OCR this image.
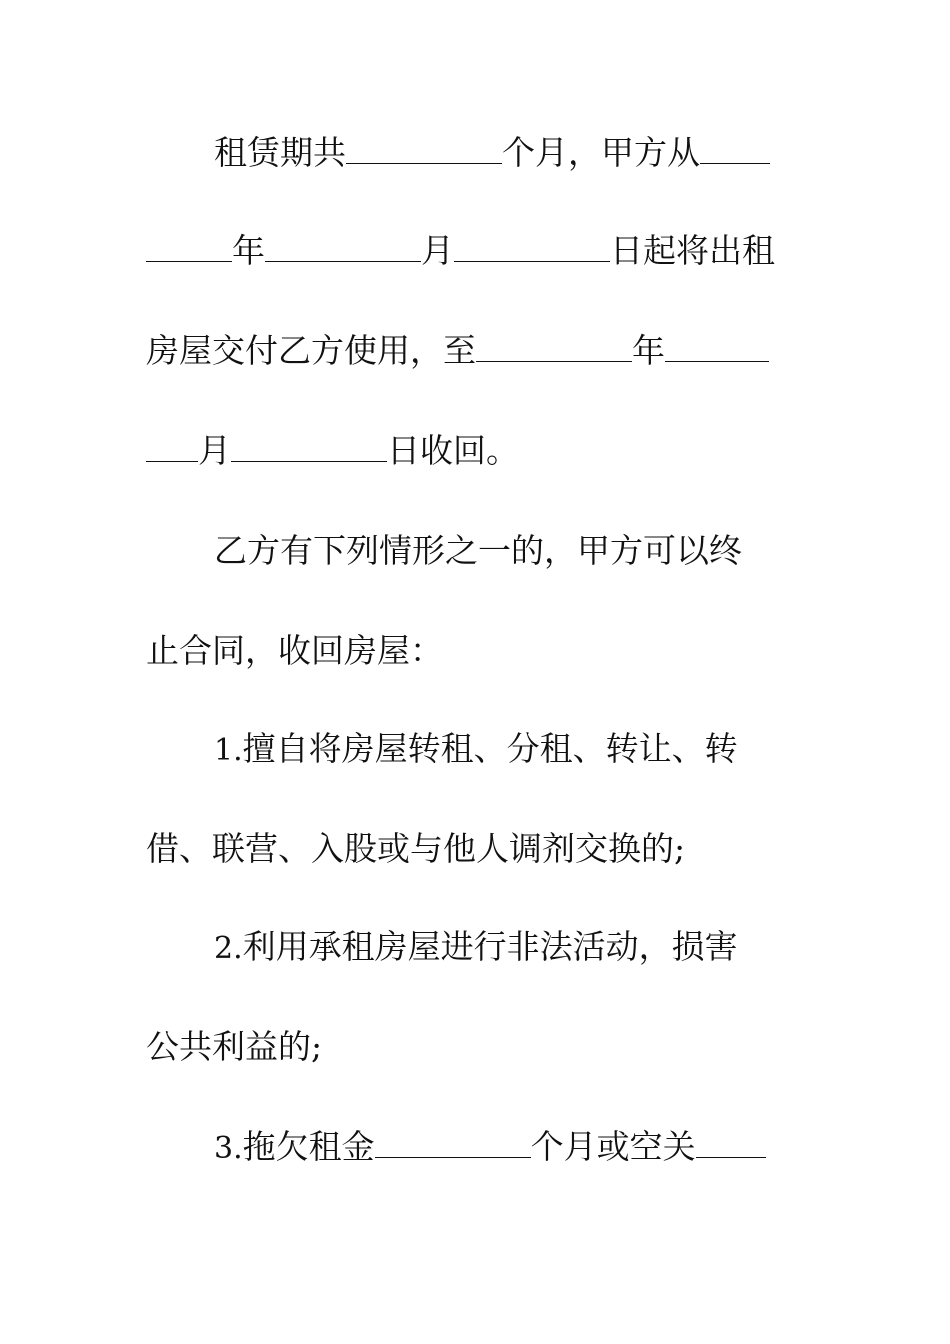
租赁期共	个月，甲方从
年	月	日起将出租
房屋交付乙方使用，至	年
月	日收回。
乙方有下列情形之一的，甲方可以终
止合同，收回房屋：
1.擅自将房屋转租、分租、转让、转
借、联营、入股或与他人调剂交换的;
2.利用承租房屋进行非法活动，损害
公共利益的;
3.拖欠租金	个月或空关
